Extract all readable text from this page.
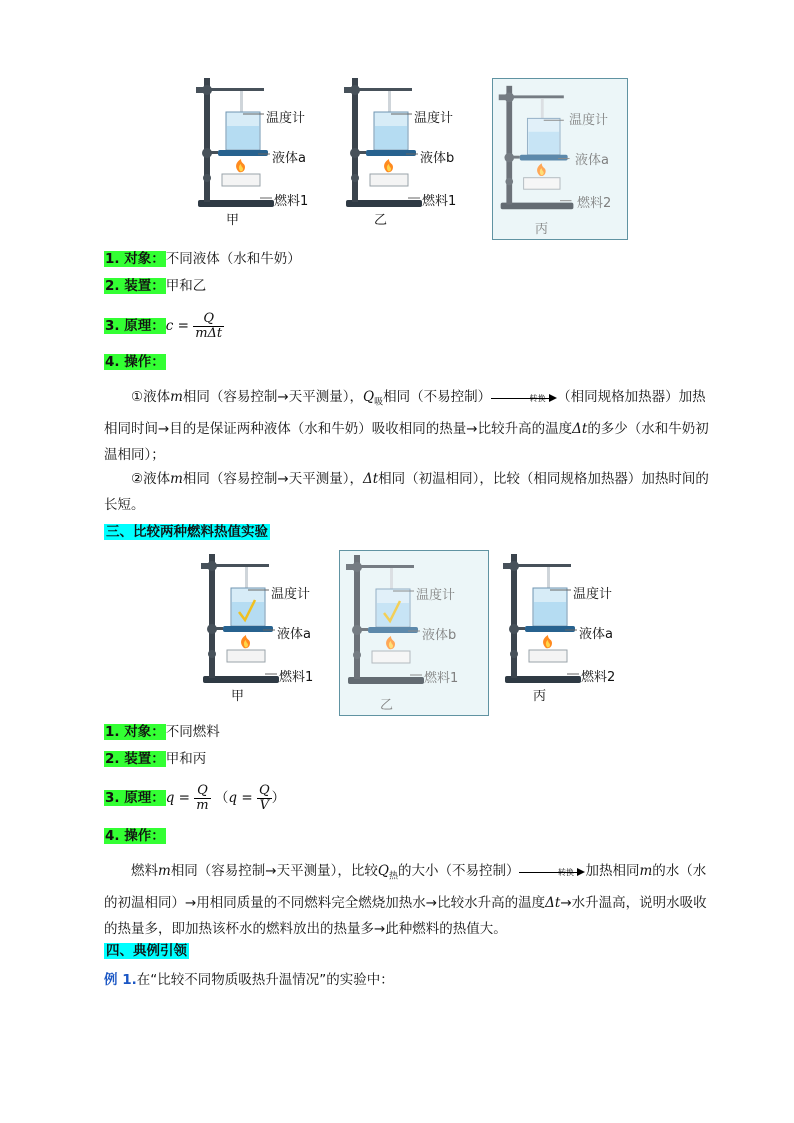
温度计
液体a
燃料1
甲
温度计
液体b
燃料1
乙
温度计
液体a
燃料2
丙
1. 对象：不同液体（水和牛奶）
2. 装置：甲和乙
3. 原理：$c = \frac{Q}{\text{mΔt}}$
4. 操作：
①液体m相同（容易控制→天平测量），$Q_吸$相同（不易控制）	转换 （相同规格加热器）加热相同时间→目的是保证两种液体（水和牛奶）吸收相同的热量→比较升高的温度Δt的多少（水和牛奶初温相同）；
②液体m相同（容易控制→天平测量），Δt相同（初温相同），比较（相同规格加热器）加热时间的长短。
三、比较两种燃料热值实验
温度计
液体a
燃料1
甲
温度计
液体b
燃料1
乙
温度计
液体a
燃料2
丙
1. 对象：不同燃料
2. 装置：甲和丙
3. 原理：$q = \frac{Q}{m} (q = \frac{Q}{V}$ ）
4. 操作：
燃料m相同（容易控制→天平测量），比较$Q_热$的大小（不易控制）	转换 加热相同m的水（水的初温相同）→用相同质量的不同燃料完全燃烧加热水→比较水升高的温度Δt→水升温高，说明水吸收的热量多，即加热该杯水的燃料放出的热量多→此种燃料的热值大。
四、典例引领
例 1.在“比较不同物质吸热升温情况”的实验中：
